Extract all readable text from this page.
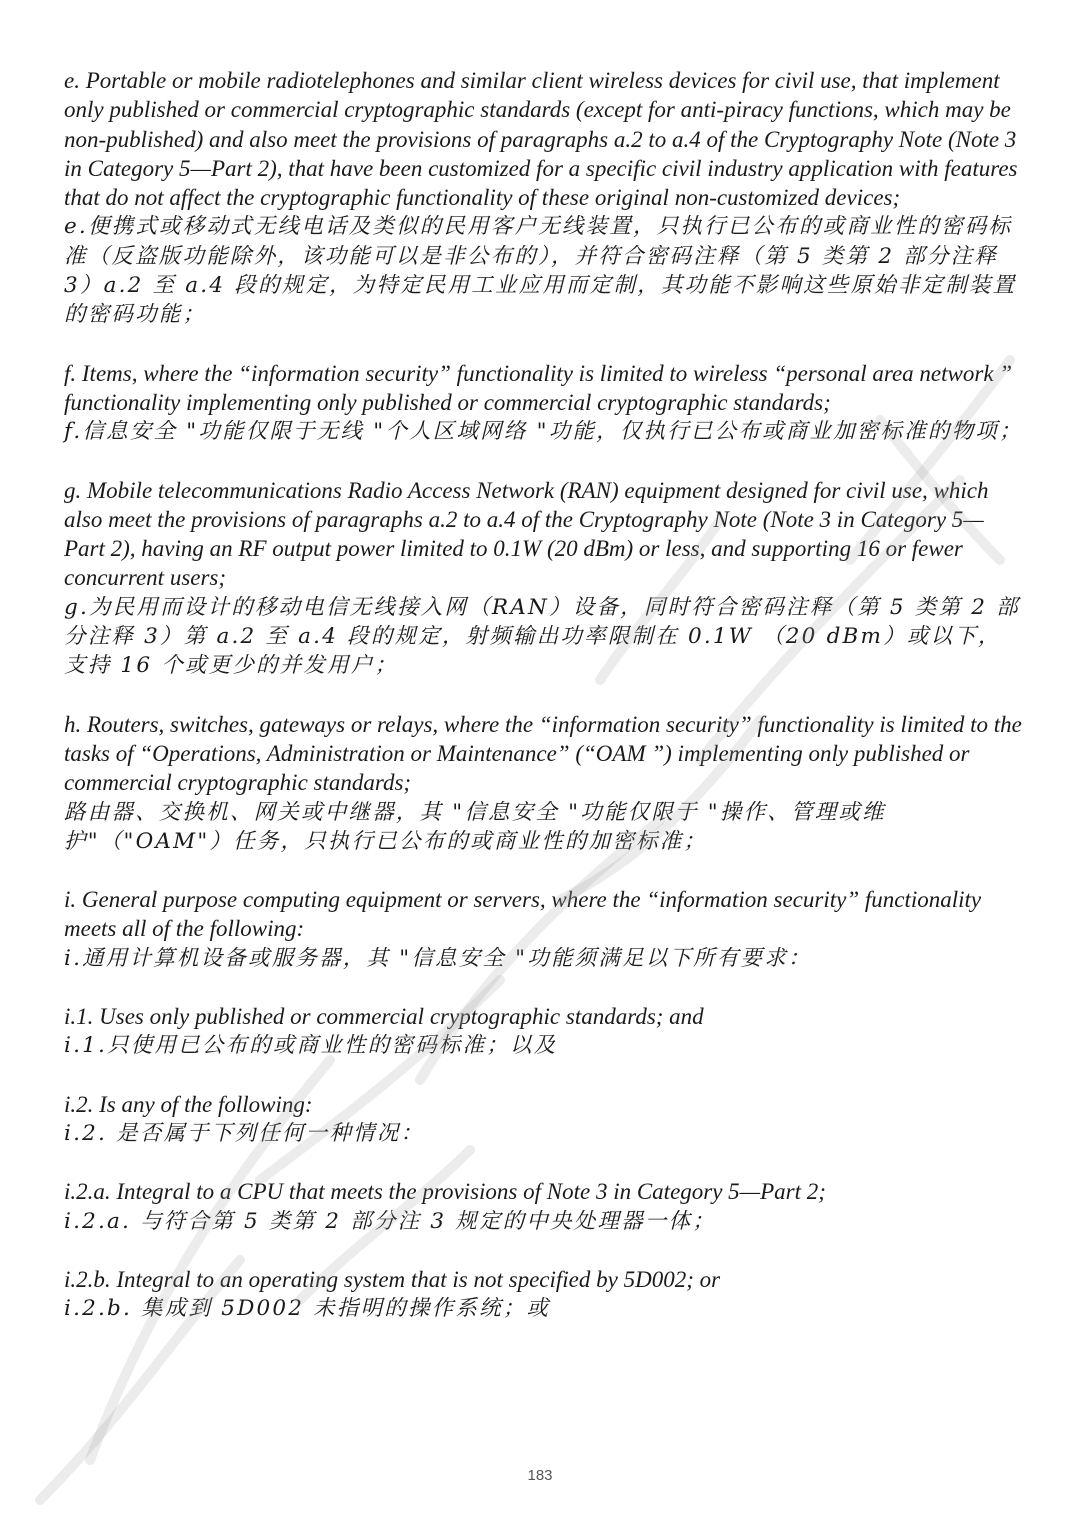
e. Portable or mobile radiotelephones and similar client wireless devices for civil use, that implement only published or commercial cryptographic standards (except for anti-piracy functions, which may be non-published) and also meet the provisions of paragraphs a.2 to a.4 of the Cryptography Note (Note 3 in Category 5—Part 2), that have been customized for a specific civil industry application with features that do not affect the cryptographic functionality of these original non-customized devices;
e.便携式或移动式无线电话及类似的民用客户无线装置，只执行已公布的或商业性的密码标准（反盗版功能除外，该功能可以是非公布的），并符合密码注释（第 5 类第 2 部分注释 3）a.2 至 a.4 段的规定，为特定民用工业应用而定制，其功能不影响这些原始非定制装置的密码功能；
f. Items, where the “information security” functionality is limited to wireless “personal area network ” functionality implementing only published or commercial cryptographic standards;
f.信息安全 "功能仅限于无线 "个人区域网络 "功能，仅执行已公布或商业加密标准的物项；
g. Mobile telecommunications Radio Access Network (RAN) equipment designed for civil use, which also meet the provisions of paragraphs a.2 to a.4 of the Cryptography Note (Note 3 in Category 5—Part 2), having an RF output power limited to 0.1W (20 dBm) or less, and supporting 16 or fewer concurrent users;
g.为民用而设计的移动电信无线接入网（RAN）设备，同时符合密码注释（第 5 类第 2 部分注释 3）第 a.2 至 a.4 段的规定，射频输出功率限制在 0.1W （20 dBm）或以下，支持 16 个或更少的并发用户；
h. Routers, switches, gateways or relays, where the “information security” functionality is limited to the tasks of “Operations, Administration or Maintenance” (“OAM ”) implementing only published or commercial cryptographic standards;
路由器、交换机、网关或中继器，其 "信息安全 "功能仅限于 "操作、管理或维护"（"OAM"）任务，只执行已公布的或商业性的加密标准；
i. General purpose computing equipment or servers, where the “information security” functionality meets all of the following:
i.通用计算机设备或服务器，其 "信息安全 "功能须满足以下所有要求：
i.1. Uses only published or commercial cryptographic standards; and
i.1.只使用已公布的或商业性的密码标准；以及
i.2. Is any of the following:
i.2. 是否属于下列任何一种情况：
i.2.a. Integral to a CPU that meets the provisions of Note 3 in Category 5—Part 2;
i.2.a. 与符合第 5 类第 2 部分注 3 规定的中央处理器一体；
i.2.b. Integral to an operating system that is not specified by 5D002; or
i.2.b. 集成到 5D002 未指明的操作系统；或
183
